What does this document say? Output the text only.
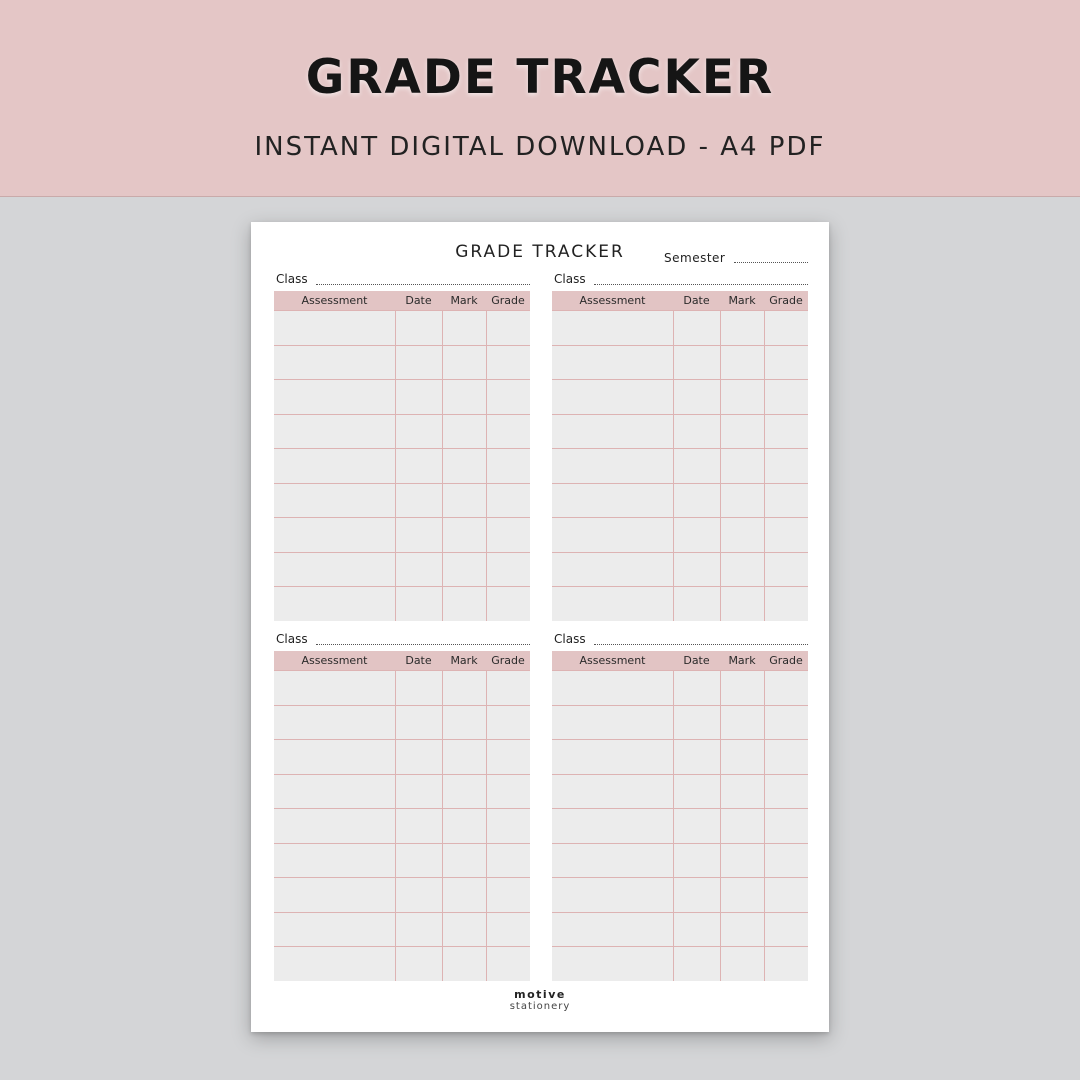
GRADE TRACKER
INSTANT DIGITAL DOWNLOAD - A4 PDF
GRADE TRACKER	Semester
Class
Assessment	Date	Mark	Grade

Class
Assessment	Date	Mark	Grade

Class
Assessment	Date	Mark	Grade

Class
Assessment	Date	Mark	Grade

motive
stationery
